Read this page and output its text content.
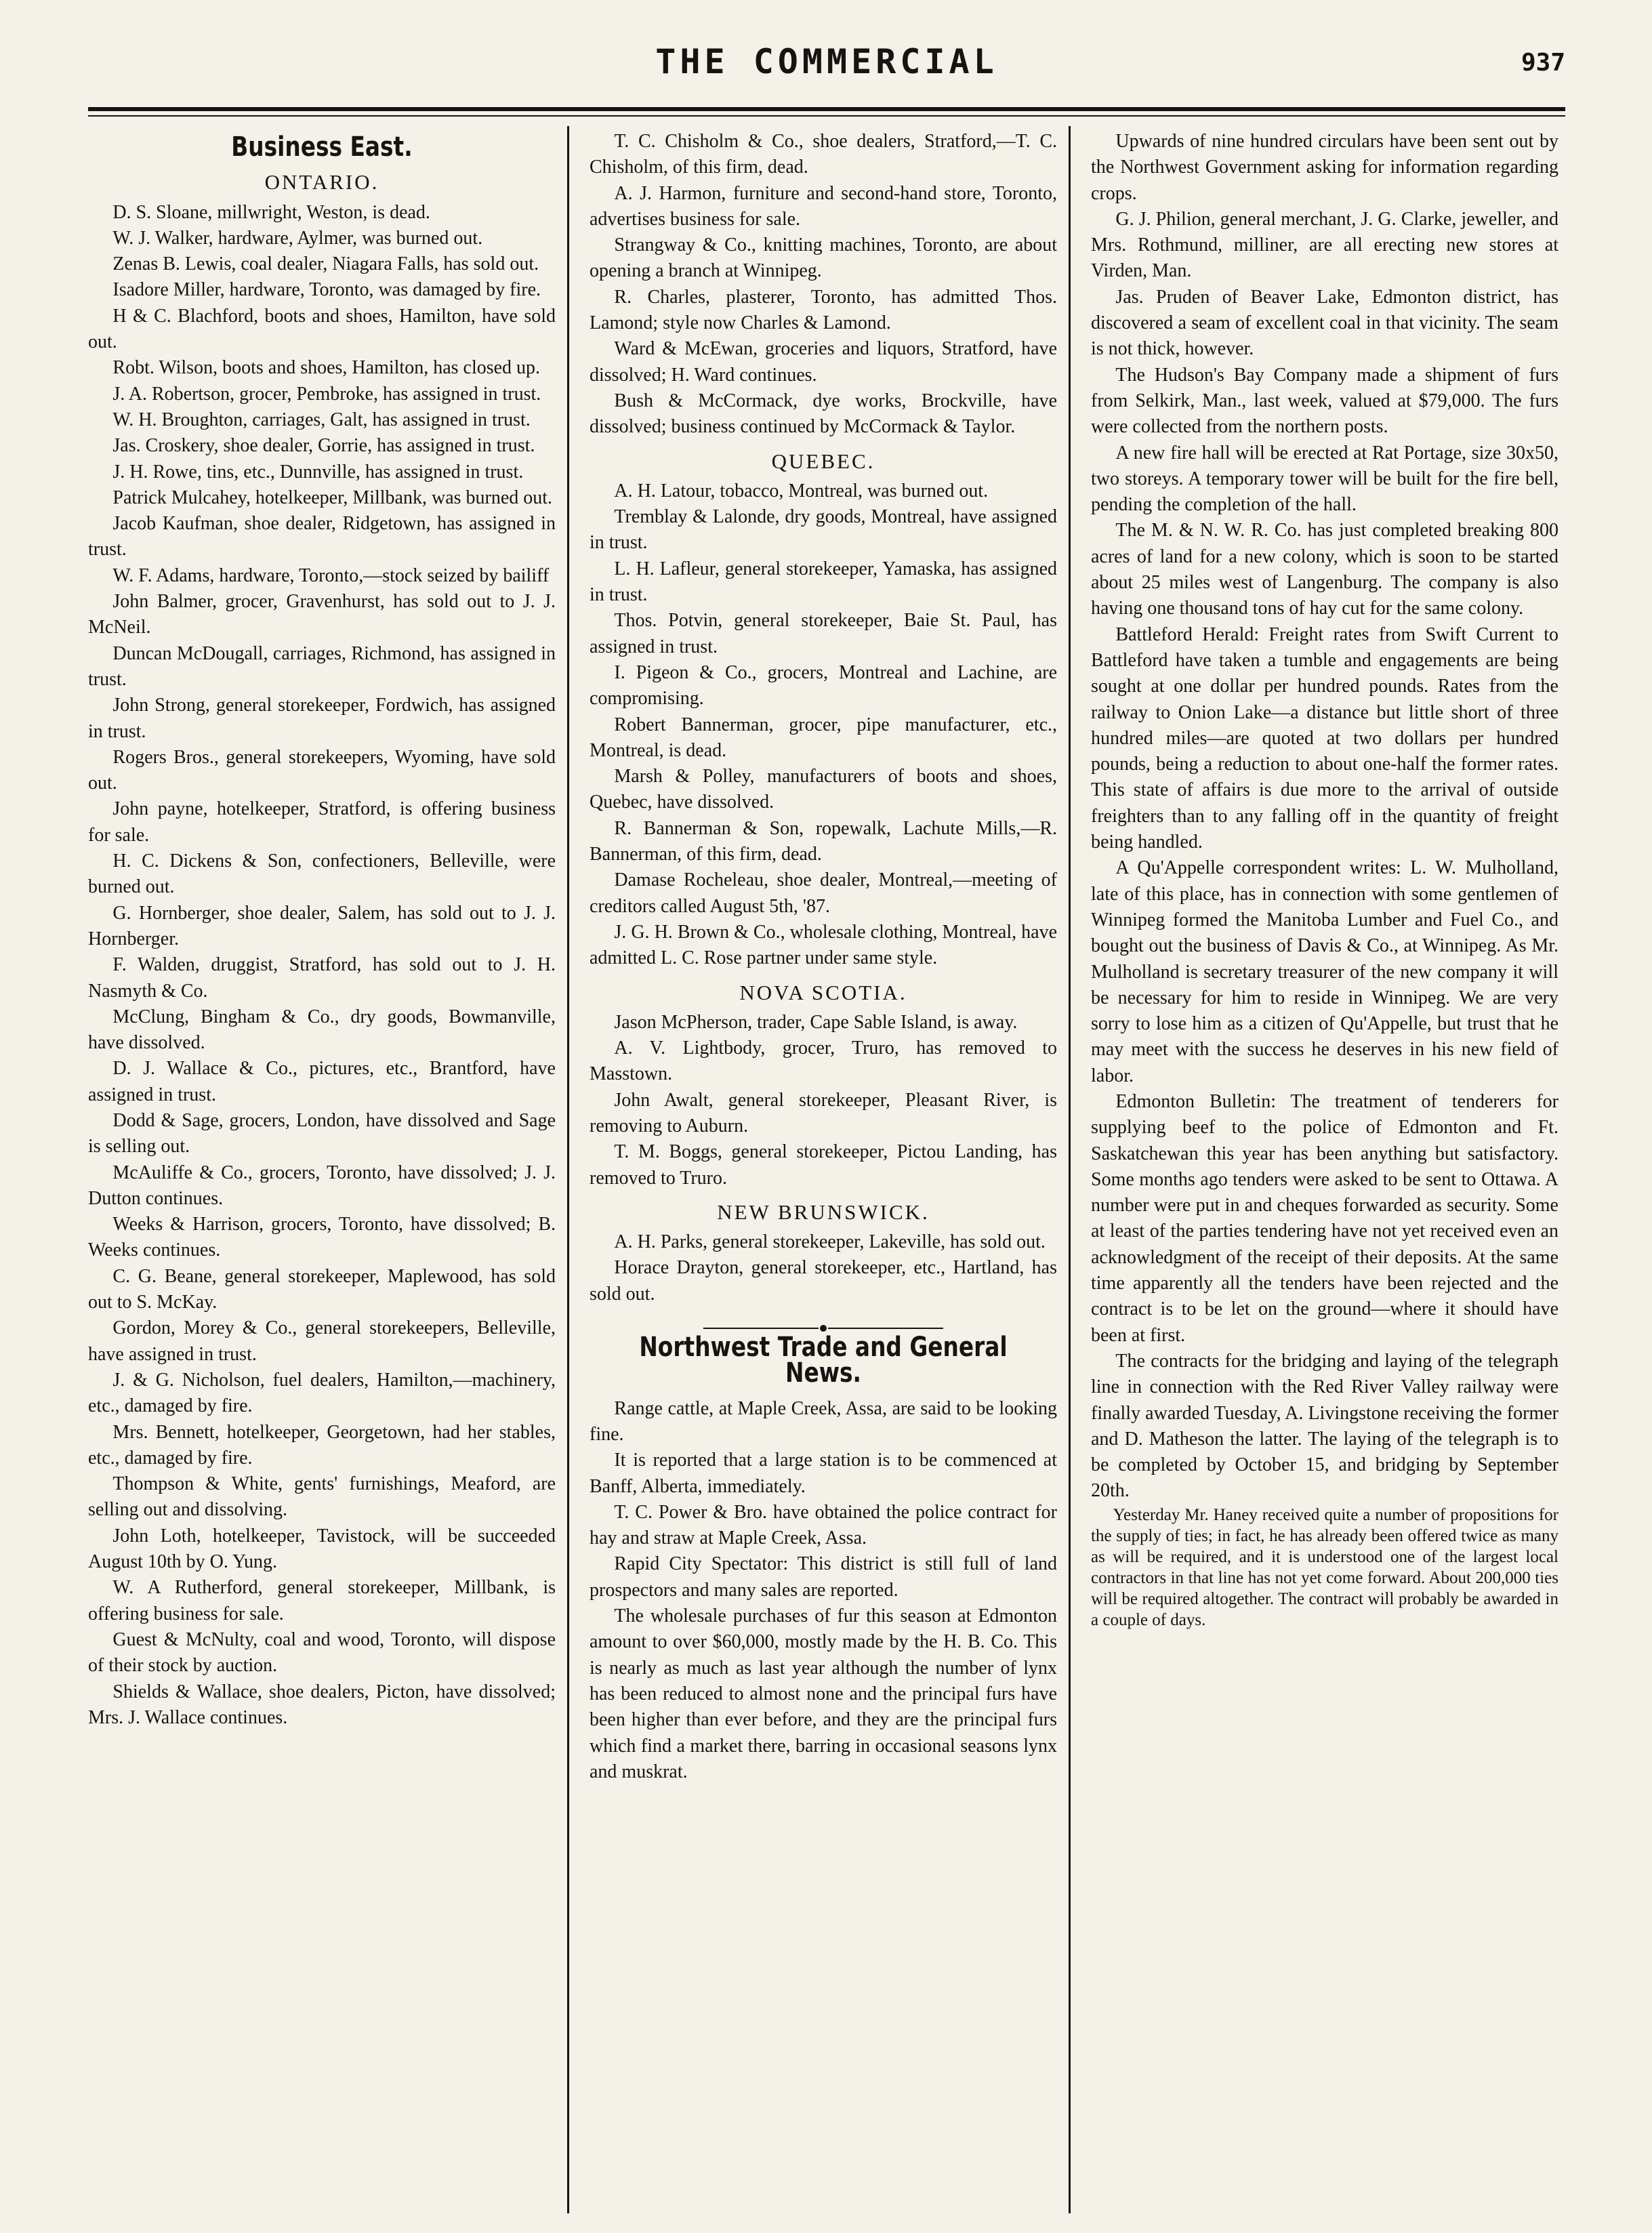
THE COMMERCIAL	937
Business East.
ONTARIO.

D. S. Sloane, millwright, Weston, is dead.

W. J. Walker, hardware, Aylmer, was burned out.

Zenas B. Lewis, coal dealer, Niagara Falls, has sold out.

Isadore Miller, hardware, Toronto, was damaged by fire.

H & C. Blachford, boots and shoes, Hamilton, have sold out.

Robt. Wilson, boots and shoes, Hamilton, has closed up.

J. A. Robertson, grocer, Pembroke, has assigned in trust.

W. H. Broughton, carriages, Galt, has assigned in trust.

Jas. Croskery, shoe dealer, Gorrie, has assigned in trust.

J. H. Rowe, tins, etc., Dunnville, has assigned in trust.

Patrick Mulcahey, hotelkeeper, Millbank, was burned out.

Jacob Kaufman, shoe dealer, Ridgetown, has assigned in trust.

W. F. Adams, hardware, Toronto,—stock seized by bailiff

John Balmer, grocer, Gravenhurst, has sold out to J. J. McNeil.

Duncan McDougall, carriages, Richmond, has assigned in trust.

John Strong, general storekeeper, Fordwich, has assigned in trust.

Rogers Bros., general storekeepers, Wyoming, have sold out.

John payne, hotelkeeper, Stratford, is offering business for sale.

H. C. Dickens & Son, confectioners, Belleville, were burned out.

G. Hornberger, shoe dealer, Salem, has sold out to J. J. Hornberger.

F. Walden, druggist, Stratford, has sold out to J. H. Nasmyth & Co.

McClung, Bingham & Co., dry goods, Bowmanville, have dissolved.

D. J. Wallace & Co., pictures, etc., Brantford, have assigned in trust.

Dodd & Sage, grocers, London, have dissolved and Sage is selling out.

McAuliffe & Co., grocers, Toronto, have dissolved; J. J. Dutton continues.

Weeks & Harrison, grocers, Toronto, have dissolved; B. Weeks continues.

C. G. Beane, general storekeeper, Maplewood, has sold out to S. McKay.

Gordon, Morey & Co., general storekeepers, Belleville, have assigned in trust.

J. & G. Nicholson, fuel dealers, Hamilton,—machinery, etc., damaged by fire.

Mrs. Bennett, hotelkeeper, Georgetown, had her stables, etc., damaged by fire.

Thompson & White, gents' furnishings, Meaford, are selling out and dissolving.

John Loth, hotelkeeper, Tavistock, will be succeeded August 10th by O. Yung.

W. A Rutherford, general storekeeper, Millbank, is offering business for sale.

Guest & McNulty, coal and wood, Toronto, will dispose of their stock by auction.

Shields & Wallace, shoe dealers, Picton, have dissolved; Mrs. J. Wallace continues.

T. C. Chisholm & Co., shoe dealers, Stratford,—T. C. Chisholm, of this firm, dead.

A. J. Harmon, furniture and second-hand store, Toronto, advertises business for sale.

Strangway & Co., knitting machines, Toronto, are about opening a branch at Winnipeg.

R. Charles, plasterer, Toronto, has admitted Thos. Lamond; style now Charles & Lamond.

Ward & McEwan, groceries and liquors, Stratford, have dissolved; H. Ward continues.

Bush & McCormack, dye works, Brockville, have dissolved; business continued by McCormack & Taylor.

QUEBEC.

A. H. Latour, tobacco, Montreal, was burned out.

Tremblay & Lalonde, dry goods, Montreal, have assigned in trust.

L. H. Lafleur, general storekeeper, Yamaska, has assigned in trust.

Thos. Potvin, general storekeeper, Baie St. Paul, has assigned in trust.

I. Pigeon & Co., grocers, Montreal and Lachine, are compromising.

Robert Bannerman, grocer, pipe manufacturer, etc., Montreal, is dead.

Marsh & Polley, manufacturers of boots and shoes, Quebec, have dissolved.

R. Bannerman & Son, ropewalk, Lachute Mills,—R. Bannerman, of this firm, dead.

Damase Rocheleau, shoe dealer, Montreal,—meeting of creditors called August 5th, '87.

J. G. H. Brown & Co., wholesale clothing, Montreal, have admitted L. C. Rose partner under same style.

NOVA SCOTIA.

Jason McPherson, trader, Cape Sable Island, is away.

A. V. Lightbody, grocer, Truro, has removed to Masstown.

John Awalt, general storekeeper, Pleasant River, is removing to Auburn.

T. M. Boggs, general storekeeper, Pictou Landing, has removed to Truro.

NEW BRUNSWICK.

A. H. Parks, general storekeeper, Lakeville, has sold out.

Horace Drayton, general storekeeper, etc., Hartland, has sold out.

Northwest Trade and General News.

Range cattle, at Maple Creek, Assa, are said to be looking fine.

It is reported that a large station is to be commenced at Banff, Alberta, immediately.

T. C. Power & Bro. have obtained the police contract for hay and straw at Maple Creek, Assa.

Rapid City Spectator: This district is still full of land prospectors and many sales are reported.

The wholesale purchases of fur this season at Edmonton amount to over $60,000, mostly made by the H. B. Co. This is nearly as much as last year although the number of lynx has been reduced to almost none and the principal furs have been higher than ever before, and they are the principal furs which find a market there, barring in occasional seasons lynx and muskrat.

Upwards of nine hundred circulars have been sent out by the Northwest Government asking for information regarding crops.

G. J. Philion, general merchant, J. G. Clarke, jeweller, and Mrs. Rothmund, milliner, are all erecting new stores at Virden, Man.

Jas. Pruden of Beaver Lake, Edmonton district, has discovered a seam of excellent coal in that vicinity. The seam is not thick, however.

The Hudson's Bay Company made a shipment of furs from Selkirk, Man., last week, valued at $79,000. The furs were collected from the northern posts.

A new fire hall will be erected at Rat Portage, size 30x50, two storeys. A temporary tower will be built for the fire bell, pending the completion of the hall.

The M. & N. W. R. Co. has just completed breaking 800 acres of land for a new colony, which is soon to be started about 25 miles west of Langenburg. The company is also having one thousand tons of hay cut for the same colony.

Battleford Herald: Freight rates from Swift Current to Battleford have taken a tumble and engagements are being sought at one dollar per hundred pounds. Rates from the railway to Onion Lake—a distance but little short of three hundred miles—are quoted at two dollars per hundred pounds, being a reduction to about one-half the former rates. This state of affairs is due more to the arrival of outside freighters than to any falling off in the quantity of freight being handled.

A Qu'Appelle correspondent writes: L. W. Mulholland, late of this place, has in connection with some gentlemen of Winnipeg formed the Manitoba Lumber and Fuel Co., and bought out the business of Davis & Co., at Winnipeg. As Mr. Mulholland is secretary treasurer of the new company it will be necessary for him to reside in Winnipeg. We are very sorry to lose him as a citizen of Qu'Appelle, but trust that he may meet with the success he deserves in his new field of labor.

Edmonton Bulletin: The treatment of tenderers for supplying beef to the police of Edmonton and Ft. Saskatchewan this year has been anything but satisfactory. Some months ago tenders were asked to be sent to Ottawa. A number were put in and cheques forwarded as security. Some at least of the parties tendering have not yet received even an acknowledgment of the receipt of their deposits. At the same time apparently all the tenders have been rejected and the contract is to be let on the ground—where it should have been at first.

The contracts for the bridging and laying of the telegraph line in connection with the Red River Valley railway were finally awarded Tuesday, A. Livingstone receiving the former and D. Matheson the latter. The laying of the telegraph is to be completed by October 15, and bridging by September 20th.

Yesterday Mr. Haney received quite a number of propositions for the supply of ties; in fact, he has already been offered twice as many as will be required, and it is understood one of the largest local contractors in that line has not yet come forward. About 200,000 ties will be required altogether. The contract will probably be awarded in a couple of days.
